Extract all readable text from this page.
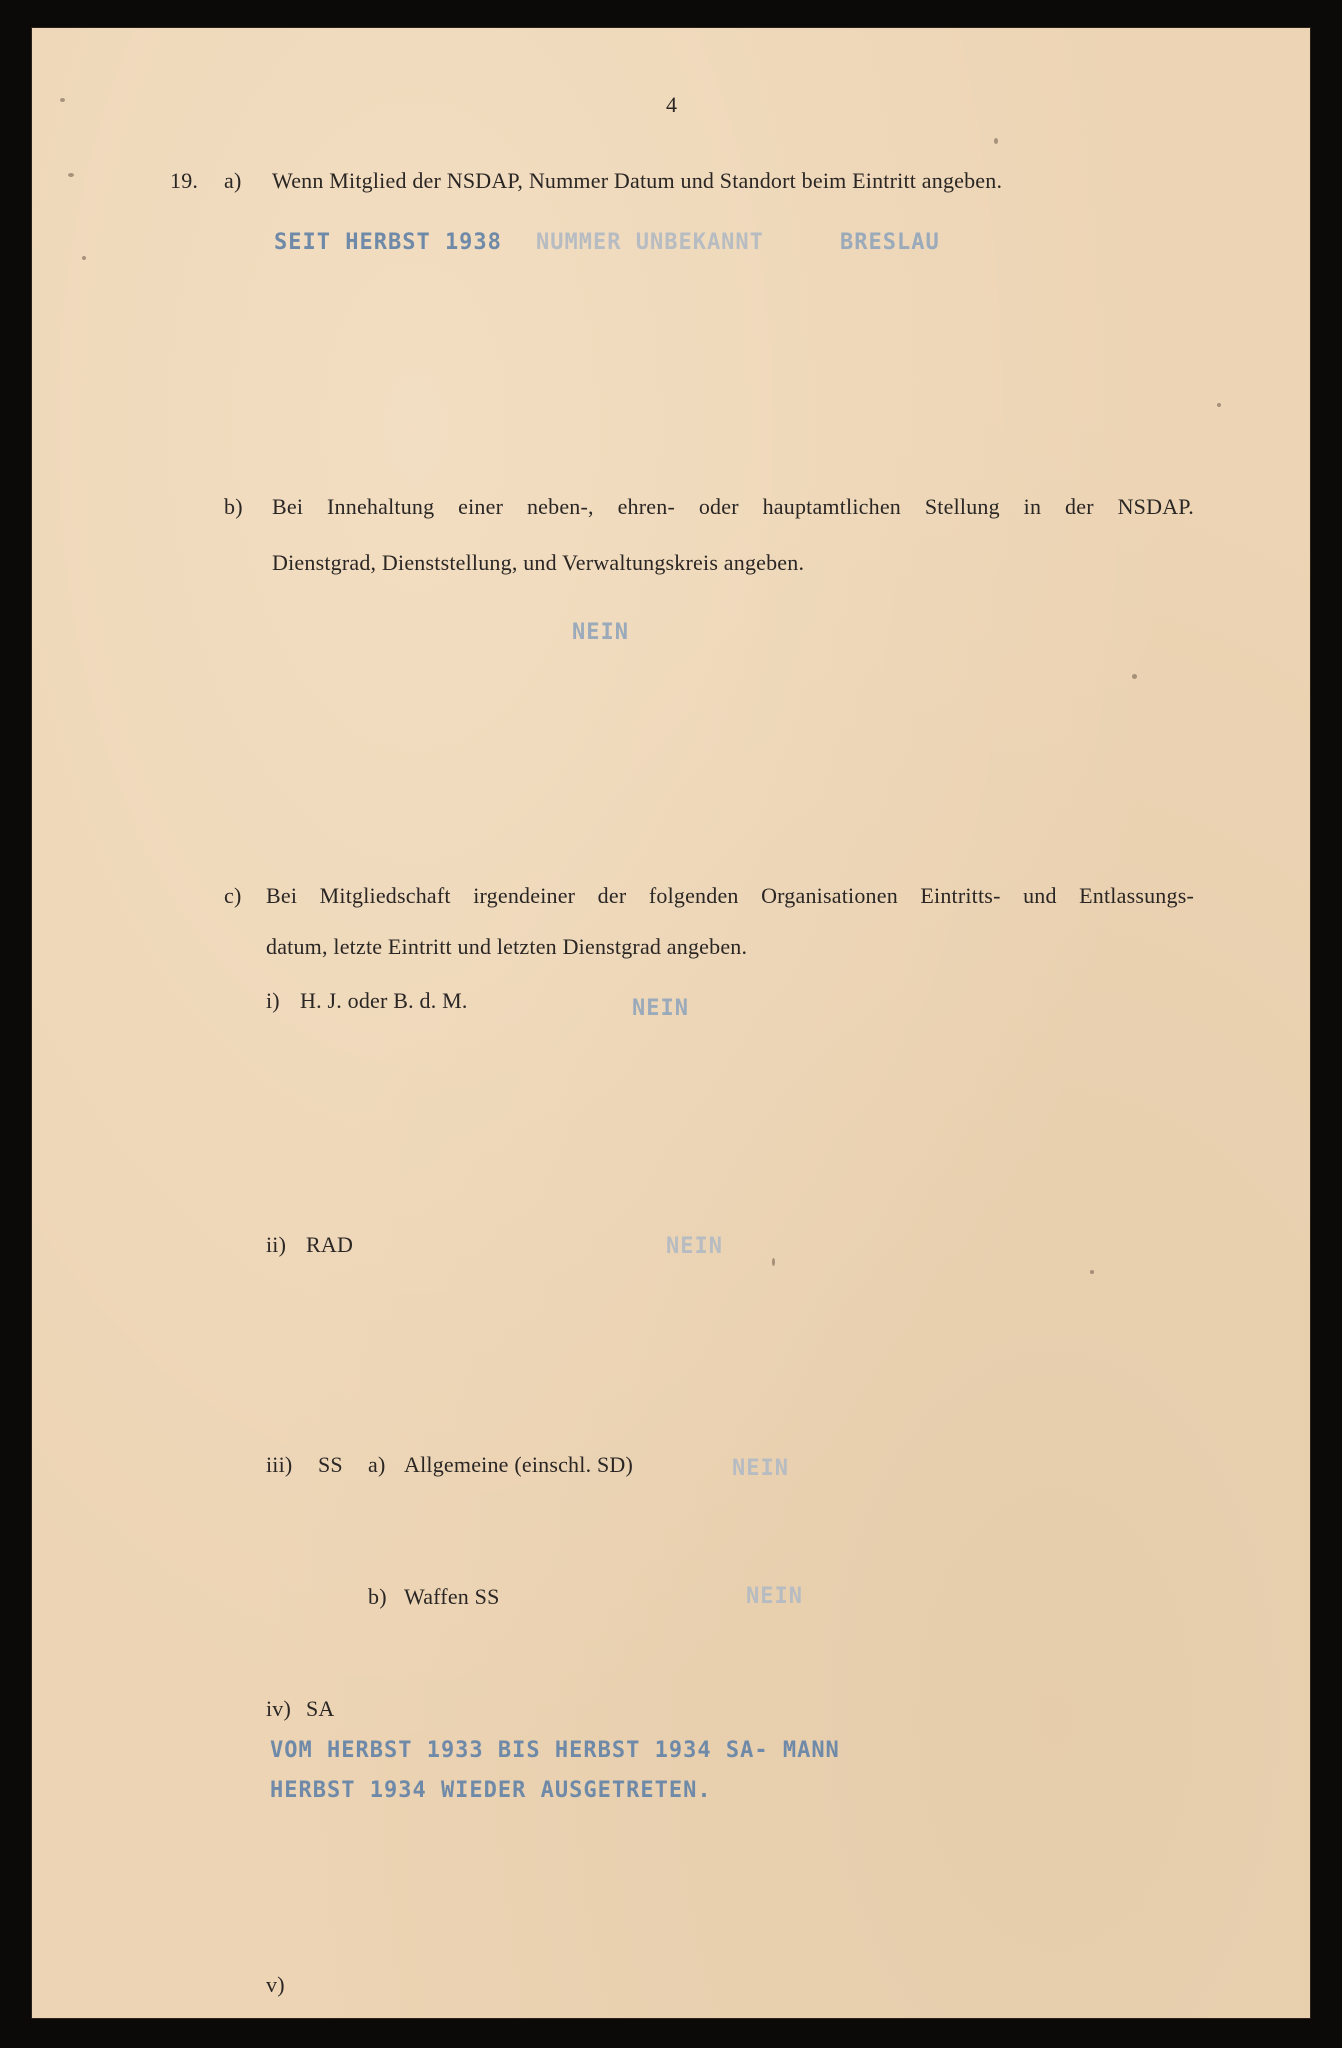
4
19. a) Wenn Mitglied der NSDAP, Nummer Datum und Standort beim Eintritt angeben.
SEIT HERBST 1938 NUMMER UNBEKANNT	BRESLAU
b) Bei Innehaltung einer neben-, ehren- oder hauptamtlichen Stellung in der NSDAP.
Dienstgrad, Dienststellung, und Verwaltungskreis angeben.
NEIN
c) Bei Mitgliedschaft irgendeiner der folgenden Organisationen Eintritts- und Entlassungs-
datum, letzte Eintritt und letzten Dienstgrad angeben.
i) H. J. oder B. d. M.	NEIN
ii) RAD	NEIN
iii) SS a) Allgemeine (einschl. SD)	NEIN
b) Waffen SS	NEIN
iv) SA
VOM HERBST 1933 BIS HERBST 1934 SA- MANN
HERBST 1934 WIEDER AUSGETRETEN.
v)
